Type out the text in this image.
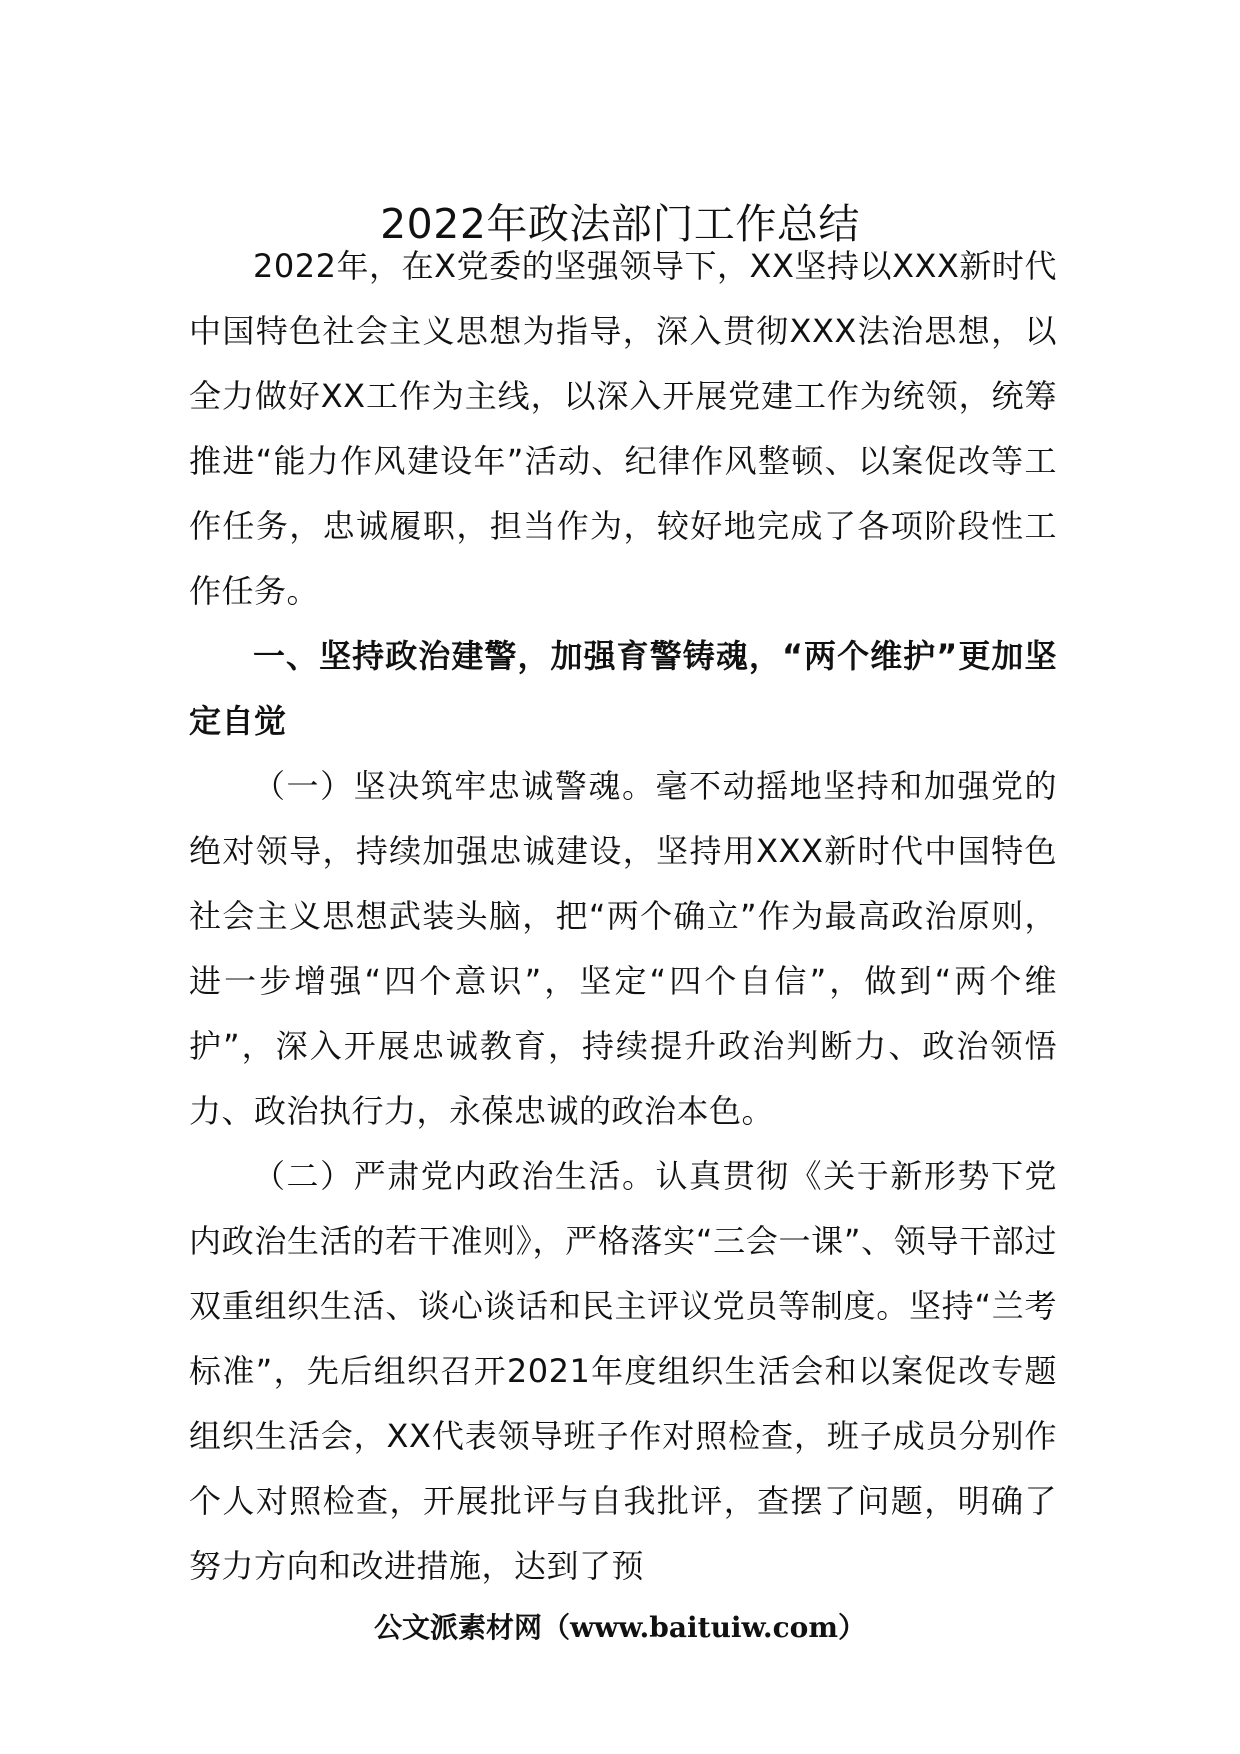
2022年政法部门工作总结

2022年，在X党委的坚强领导下，XX坚持以XXX新时代中国特色社会主义思想为指导，深入贯彻XXX法治思想，以全力做好XX工作为主线，以深入开展党建工作为统领，统筹推进“能力作风建设年”活动、纪律作风整顿、以案促改等工作任务，忠诚履职，担当作为，较好地完成了各项阶段性工作任务。

一、坚持政治建警，加强育警铸魂，“两个维护”更加坚定自觉

（一）坚决筑牢忠诚警魂。毫不动摇地坚持和加强党的绝对领导，持续加强忠诚建设，坚持用XXX新时代中国特色社会主义思想武装头脑，把“两个确立”作为最高政治原则，进一步增强“四个意识”，坚定“四个自信”，做到“两个维护”，深入开展忠诚教育，持续提升政治判断力、政治领悟力、政治执行力，永葆忠诚的政治本色。

（二）严肃党内政治生活。认真贯彻《关于新形势下党内政治生活的若干准则》，严格落实“三会一课”、领导干部过双重组织生活、谈心谈话和民主评议党员等制度。坚持“兰考标准”，先后组织召开2021年度组织生活会和以案促改专题组织生活会，XX代表领导班子作对照检查，班子成员分别作个人对照检查，开展批评与自我批评，查摆了问题，明确了努力方向和改进措施，达到了预

公文派素材网（www.baituiw.com）
